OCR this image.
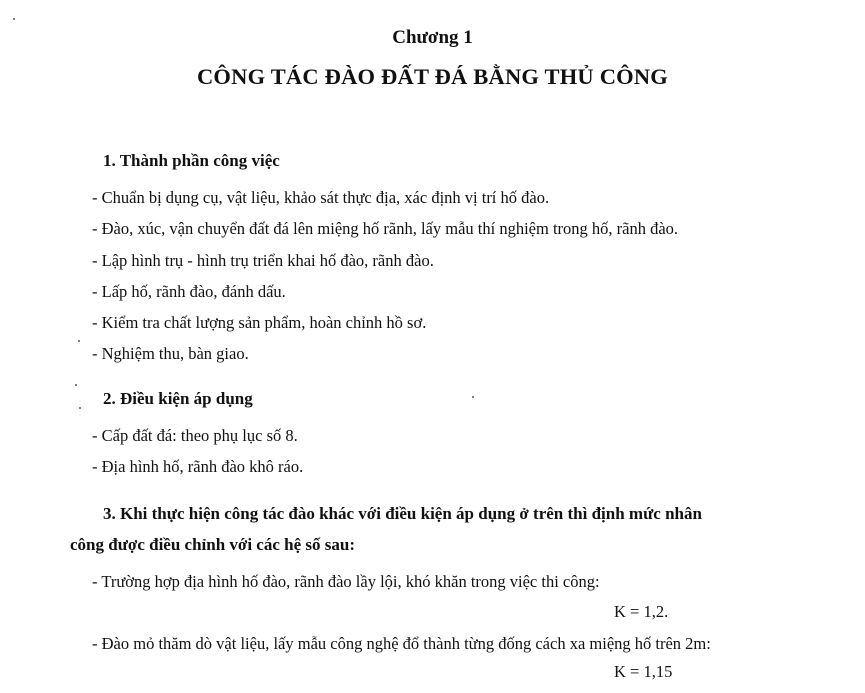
Chương 1
CÔNG TÁC ĐÀO ĐẤT ĐÁ BẰNG THỦ CÔNG
1. Thành phần công việc
- Chuẩn bị dụng cụ, vật liệu, khảo sát thực địa, xác định vị trí hố đào.
- Đào, xúc, vận chuyển đất đá lên miệng hố rãnh, lấy mẫu thí nghiệm trong hố, rãnh đào.
- Lập hình trụ - hình trụ triển khai hố đào, rãnh đào.
- Lấp hố, rãnh đào, đánh dấu.
- Kiểm tra chất lượng sản phẩm, hoàn chỉnh hồ sơ.
- Nghiệm thu, bàn giao.
2. Điều kiện áp dụng
- Cấp đất đá: theo phụ lục số 8.
- Địa hình hố, rãnh đào khô ráo.
3. Khi thực hiện công tác đào khác với điều kiện áp dụng ở trên thì định mức nhân
công được điều chỉnh với các hệ số sau:
- Trường hợp địa hình hố đào, rãnh đào lầy lội, khó khăn trong việc thi công:
K = 1,2.
- Đào mỏ thăm dò vật liệu, lấy mẫu công nghệ đổ thành từng đống cách xa miệng hố trên 2m:
K = 1,15
